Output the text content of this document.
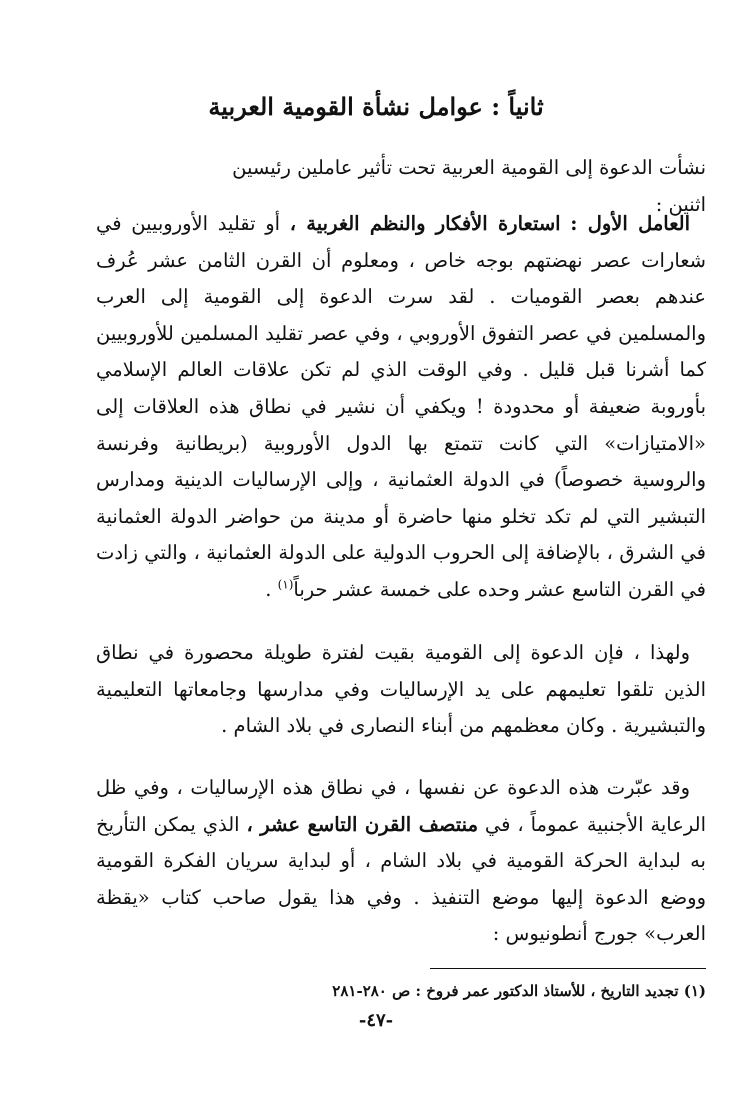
ثانياً : عوامل نشأة القومية العربية

نشأت الدعوة إلى القومية العربية تحت تأثير عاملين رئيسين اثنين :

العامل الأول : استعارة الأفكار والنظم الغربية ، أو تقليد الأوروبيين في شعارات عصر نهضتهم بوجه خاص ، ومعلوم أن القرن الثامن عشر عُرف عندهم بعصر القوميات . لقد سرت الدعوة إلى القومية إلى العرب والمسلمين في عصر التفوق الأوروبي ، وفي عصر تقليد المسلمين للأوروبيين كما أشرنا قبل قليل . وفي الوقت الذي لم تكن علاقات العالم الإسلامي بأوروبة ضعيفة أو محدودة ! ويكفي أن نشير في نطاق هذه العلاقات إلى «الامتيازات» التي كانت تتمتع بها الدول الأوروبية (بريطانية وفرنسة والروسية خصوصاً) في الدولة العثمانية ، وإلى الإرساليات الدينية ومدارس التبشير التي لم تكد تخلو منها حاضرة أو مدينة من حواضر الدولة العثمانية في الشرق ، بالإضافة إلى الحروب الدولية على الدولة العثمانية ، والتي زادت في القرن التاسع عشر وحده على خمسة عشر حرباً$^{(١)}$ .

ولهذا ، فإن الدعوة إلى القومية بقيت لفترة طويلة محصورة في نطاق الذين تلقوا تعليمهم على يد الإرساليات وفي مدارسها وجامعاتها التعليمية والتبشيرية . وكان معظمهم من أبناء النصارى في بلاد الشام .

وقد عبّرت هذه الدعوة عن نفسها ، في نطاق هذه الإرساليات ، وفي ظل الرعاية الأجنبية عموماً ، في منتصف القرن التاسع عشر ، الذي يمكن التأريخ به لبداية الحركة القومية في بلاد الشام ، أو لبداية سريان الفكرة القومية ووضع الدعوة إليها موضع التنفيذ . وفي هذا يقول صاحب كتاب «يقظة العرب» جورج أنطونيوس :

(١) تجديد التاريخ ، للأستاذ الدكتور عمر فروخ : ص ٢٨٠-٢٨١
-٤٧-
